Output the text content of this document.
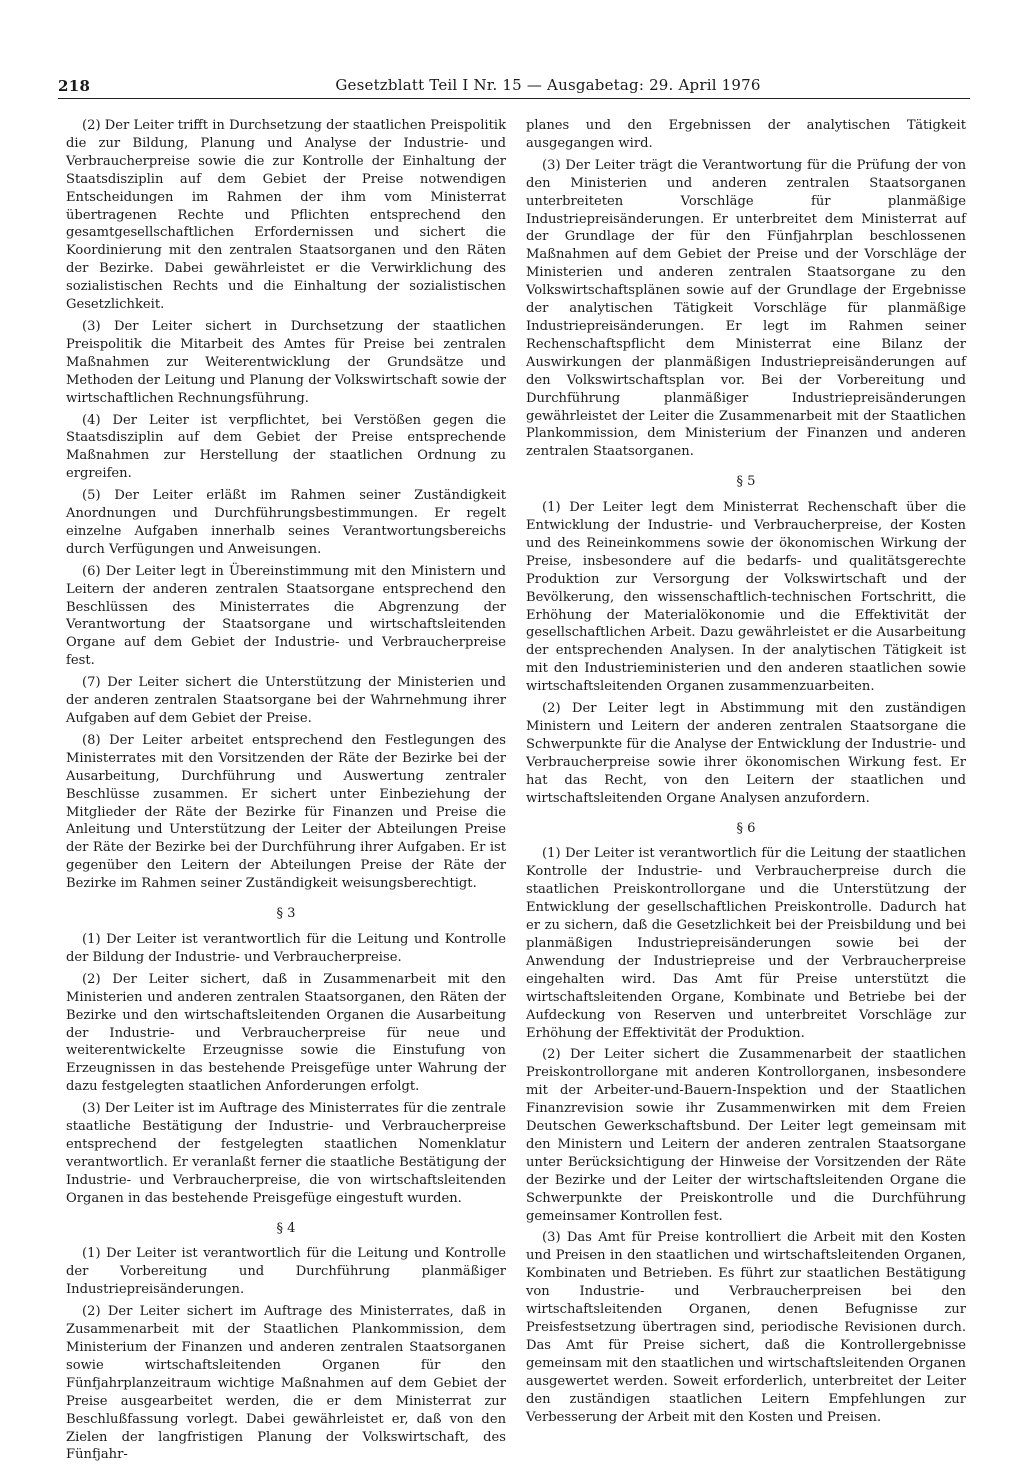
218	Gesetzblatt Teil I Nr. 15 — Ausgabetag: 29. April 1976

(2) Der Leiter trifft in Durchsetzung der staatlichen Preispolitik die zur Bildung, Planung und Analyse der Industrie- und Verbraucherpreise sowie die zur Kontrolle der Einhaltung der Staatsdisziplin auf dem Gebiet der Preise notwendigen Entscheidungen im Rahmen der ihm vom Ministerrat übertragenen Rechte und Pflichten entsprechend den gesamtgesellschaftlichen Erfordernissen und sichert die Koordinierung mit den zentralen Staatsorganen und den Räten der Bezirke. Dabei gewährleistet er die Verwirklichung des sozialistischen Rechts und die Einhaltung der sozialistischen Gesetzlichkeit.

(3) Der Leiter sichert in Durchsetzung der staatlichen Preispolitik die Mitarbeit des Amtes für Preise bei zentralen Maßnahmen zur Weiterentwicklung der Grundsätze und Methoden der Leitung und Planung der Volkswirtschaft sowie der wirtschaftlichen Rechnungsführung.

(4) Der Leiter ist verpflichtet, bei Verstößen gegen die Staatsdisziplin auf dem Gebiet der Preise entsprechende Maßnahmen zur Herstellung der staatlichen Ordnung zu ergreifen.

(5) Der Leiter erläßt im Rahmen seiner Zuständigkeit Anordnungen und Durchführungsbestimmungen. Er regelt einzelne Aufgaben innerhalb seines Verantwortungsbereichs durch Verfügungen und Anweisungen.

(6) Der Leiter legt in Übereinstimmung mit den Ministern und Leitern der anderen zentralen Staatsorgane entsprechend den Beschlüssen des Ministerrates die Abgrenzung der Verantwortung der Staatsorgane und wirtschaftsleitenden Organe auf dem Gebiet der Industrie- und Verbraucherpreise fest.

(7) Der Leiter sichert die Unterstützung der Ministerien und der anderen zentralen Staatsorgane bei der Wahrnehmung ihrer Aufgaben auf dem Gebiet der Preise.

(8) Der Leiter arbeitet entsprechend den Festlegungen des Ministerrates mit den Vorsitzenden der Räte der Bezirke bei der Ausarbeitung, Durchführung und Auswertung zentraler Beschlüsse zusammen. Er sichert unter Einbeziehung der Mitglieder der Räte der Bezirke für Finanzen und Preise die Anleitung und Unterstützung der Leiter der Abteilungen Preise der Räte der Bezirke bei der Durchführung ihrer Aufgaben. Er ist gegenüber den Leitern der Abteilungen Preise der Räte der Bezirke im Rahmen seiner Zuständigkeit weisungsberechtigt.

§ 3

(1) Der Leiter ist verantwortlich für die Leitung und Kontrolle der Bildung der Industrie- und Verbraucherpreise.

(2) Der Leiter sichert, daß in Zusammenarbeit mit den Ministerien und anderen zentralen Staatsorganen, den Räten der Bezirke und den wirtschaftsleitenden Organen die Ausarbeitung der Industrie- und Verbraucherpreise für neue und weiterentwickelte Erzeugnisse sowie die Einstufung von Erzeugnissen in das bestehende Preisgefüge unter Wahrung der dazu festgelegten staatlichen Anforderungen erfolgt.

(3) Der Leiter ist im Auftrage des Ministerrates für die zentrale staatliche Bestätigung der Industrie- und Verbraucherpreise entsprechend der festgelegten staatlichen Nomenklatur verantwortlich. Er veranlaßt ferner die staatliche Bestätigung der Industrie- und Verbraucherpreise, die von wirtschaftsleitenden Organen in das bestehende Preisgefüge eingestuft wurden.

§ 4

(1) Der Leiter ist verantwortlich für die Leitung und Kontrolle der Vorbereitung und Durchführung planmäßiger Industriepreisänderungen.

(2) Der Leiter sichert im Auftrage des Ministerrates, daß in Zusammenarbeit mit der Staatlichen Plankommission, dem Ministerium der Finanzen und anderen zentralen Staatsorganen sowie wirtschaftsleitenden Organen für den Fünfjahrplanzeitraum wichtige Maßnahmen auf dem Gebiet der Preise ausgearbeitet werden, die er dem Ministerrat zur Beschlußfassung vorlegt. Dabei gewährleistet er, daß von den Zielen der langfristigen Planung der Volkswirtschaft, des Fünfjahr-

planes und den Ergebnissen der analytischen Tätigkeit ausgegangen wird.

(3) Der Leiter trägt die Verantwortung für die Prüfung der von den Ministerien und anderen zentralen Staatsorganen unterbreiteten Vorschläge für planmäßige Industriepreisänderungen. Er unterbreitet dem Ministerrat auf der Grundlage der für den Fünfjahrplan beschlossenen Maßnahmen auf dem Gebiet der Preise und der Vorschläge der Ministerien und anderen zentralen Staatsorgane zu den Volkswirtschaftsplänen sowie auf der Grundlage der Ergebnisse der analytischen Tätigkeit Vorschläge für planmäßige Industriepreisänderungen. Er legt im Rahmen seiner Rechenschaftspflicht dem Ministerrat eine Bilanz der Auswirkungen der planmäßigen Industriepreisänderungen auf den Volkswirtschaftsplan vor. Bei der Vorbereitung und Durchführung planmäßiger Industriepreisänderungen gewährleistet der Leiter die Zusammenarbeit mit der Staatlichen Plankommission, dem Ministerium der Finanzen und anderen zentralen Staatsorganen.

§ 5

(1) Der Leiter legt dem Ministerrat Rechenschaft über die Entwicklung der Industrie- und Verbraucherpreise, der Kosten und des Reineinkommens sowie der ökonomischen Wirkung der Preise, insbesondere auf die bedarfs- und qualitätsgerechte Produktion zur Versorgung der Volkswirtschaft und der Bevölkerung, den wissenschaftlich-technischen Fortschritt, die Erhöhung der Materialökonomie und die Effektivität der gesellschaftlichen Arbeit. Dazu gewährleistet er die Ausarbeitung der entsprechenden Analysen. In der analytischen Tätigkeit ist mit den Industrieministerien und den anderen staatlichen sowie wirtschaftsleitenden Organen zusammenzuarbeiten.

(2) Der Leiter legt in Abstimmung mit den zuständigen Ministern und Leitern der anderen zentralen Staatsorgane die Schwerpunkte für die Analyse der Entwicklung der Industrie- und Verbraucherpreise sowie ihrer ökonomischen Wirkung fest. Er hat das Recht, von den Leitern der staatlichen und wirtschaftsleitenden Organe Analysen anzufordern.

§ 6

(1) Der Leiter ist verantwortlich für die Leitung der staatlichen Kontrolle der Industrie- und Verbraucherpreise durch die staatlichen Preiskontrollorgane und die Unterstützung der Entwicklung der gesellschaftlichen Preiskontrolle. Dadurch hat er zu sichern, daß die Gesetzlichkeit bei der Preisbildung und bei planmäßigen Industriepreisänderungen sowie bei der Anwendung der Industriepreise und der Verbraucherpreise eingehalten wird. Das Amt für Preise unterstützt die wirtschaftsleitenden Organe, Kombinate und Betriebe bei der Aufdeckung von Reserven und unterbreitet Vorschläge zur Erhöhung der Effektivität der Produktion.

(2) Der Leiter sichert die Zusammenarbeit der staatlichen Preiskontrollorgane mit anderen Kontrollorganen, insbesondere mit der Arbeiter-und-Bauern-Inspektion und der Staatlichen Finanzrevision sowie ihr Zusammenwirken mit dem Freien Deutschen Gewerkschaftsbund. Der Leiter legt gemeinsam mit den Ministern und Leitern der anderen zentralen Staatsorgane unter Berücksichtigung der Hinweise der Vorsitzenden der Räte der Bezirke und der Leiter der wirtschaftsleitenden Organe die Schwerpunkte der Preiskontrolle und die Durchführung gemeinsamer Kontrollen fest.

(3) Das Amt für Preise kontrolliert die Arbeit mit den Kosten und Preisen in den staatlichen und wirtschaftsleitenden Organen, Kombinaten und Betrieben. Es führt zur staatlichen Bestätigung von Industrie- und Verbraucherpreisen bei den wirtschaftsleitenden Organen, denen Befugnisse zur Preisfestsetzung übertragen sind, periodische Revisionen durch. Das Amt für Preise sichert, daß die Kontrollergebnisse gemeinsam mit den staatlichen und wirtschaftsleitenden Organen ausgewertet werden. Soweit erforderlich, unterbreitet der Leiter den zuständigen staatlichen Leitern Empfehlungen zur Verbesserung der Arbeit mit den Kosten und Preisen.
